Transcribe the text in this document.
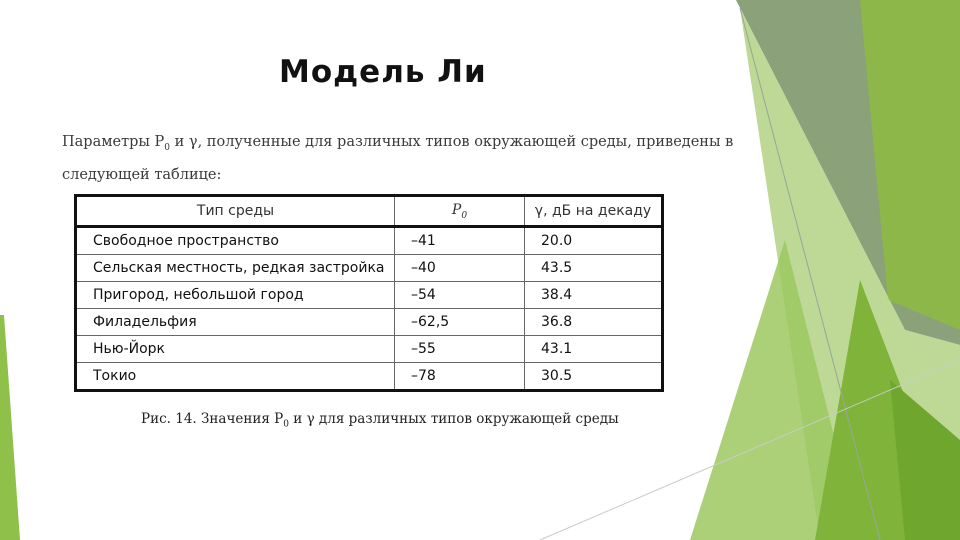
Модель Ли
Параметры $P_0$ и γ, полученные для различных типов окружающей среды, приведены в следующей таблице:
Тип среды	$P_0$	γ, дБ на декаду
Свободное пространство	–41	20.0
Сельская местность, редкая застройка	–40	43.5
Пригород, небольшой город	–54	38.4
Филадельфия	–62,5	36.8
Нью-Йорк	–55	43.1
Токио	–78	30.5
Рис. 14. Значения $P_0$ и γ для различных типов окружающей среды
